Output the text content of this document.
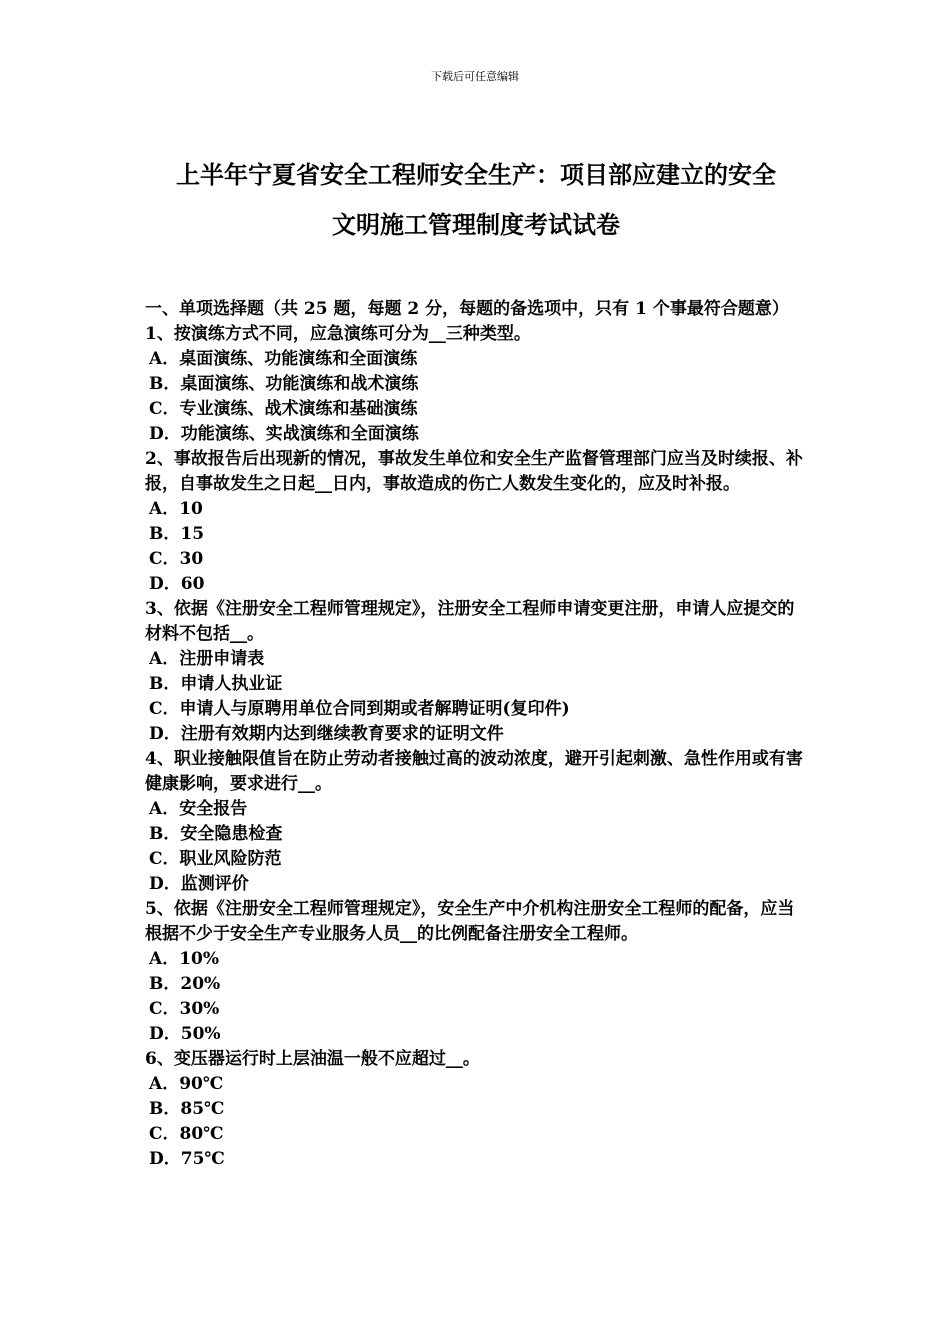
下载后可任意编辑
上半年宁夏省安全工程师安全生产：项目部应建立的安全
文明施工管理制度考试试卷

一、单项选择题（共 25 题，每题 2 分，每题的备选项中，只有 1 个事最符合题意）

1、按演练方式不同，应急演练可分为__三种类型。

A．桌面演练、功能演练和全面演练

B．桌面演练、功能演练和战术演练

C．专业演练、战术演练和基础演练

D．功能演练、实战演练和全面演练

2、事故报告后出现新的情况，事故发生单位和安全生产监督管理部门应当及时续报、补报，自事故发生之日起__日内，事故造成的伤亡人数发生变化的，应及时补报。

A．10

B．15

C．30

D．60

3、依据《注册安全工程师管理规定》，注册安全工程师申请变更注册，申请人应提交的材料不包括__。

A．注册申请表

B．申请人执业证

C．申请人与原聘用单位合同到期或者解聘证明(复印件)

D．注册有效期内达到继续教育要求的证明文件

4、职业接触限值旨在防止劳动者接触过高的波动浓度，避开引起刺激、急性作用或有害健康影响，要求进行__。

A．安全报告

B．安全隐患检查

C．职业风险防范

D．监测评价

5、依据《注册安全工程师管理规定》，安全生产中介机构注册安全工程师的配备，应当根据不少于安全生产专业服务人员__的比例配备注册安全工程师。

A．10%

B．20%

C．30%

D．50%

6、变压器运行时上层油温一般不应超过__。

A．90℃

B．85℃

C．80℃

D．75℃
